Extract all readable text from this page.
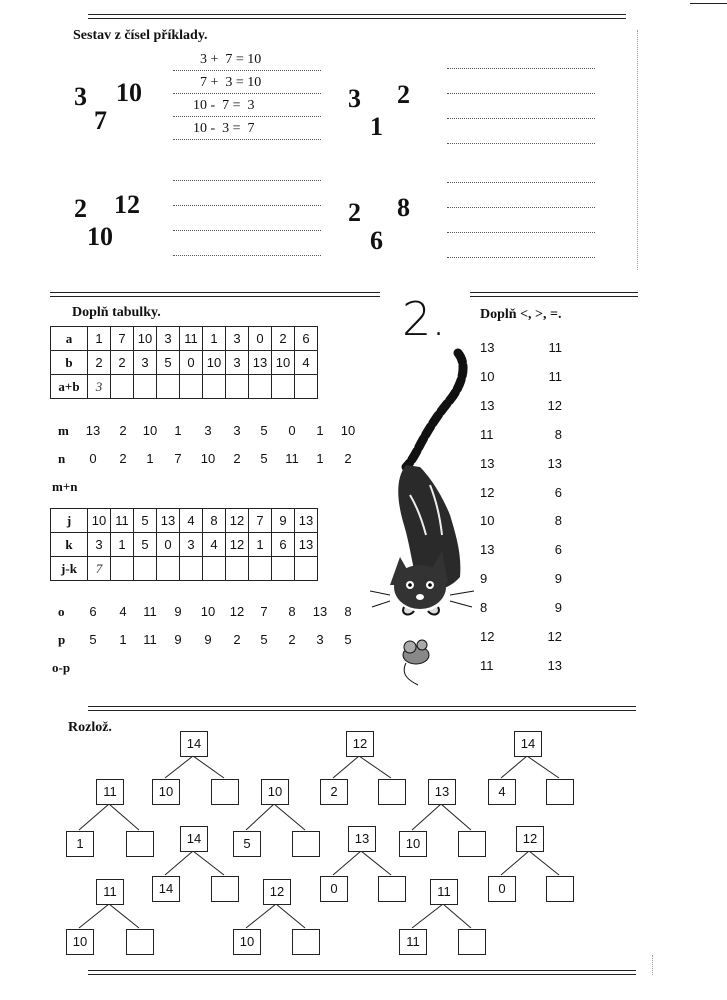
Sestav z čísel příklady.
3 10
7
3 +  7 = 10
7 +  3 = 10
10 -  7 =  3
10 -  3 =  7
3 2
1
2 12
10
2 8
6
Doplň tabulky.
a	1	7	10	3	11	1	3	0	2	6
b	2	2	3	5	0	10	3	13	10	4
a+b	3									
j	10	11	5	13	4	8	12	7	9	13
k	3	1	5	0	3	4	12	1	6	13
j-k	7									
2. Doplň <, >, =.
Rozlož.
m	13	2	10	1	3	3	5	0	1	10
n	0	2	1	7	10	2	5	11	1	2
m+n
o	6	4	11	9	10	12	7	8	13	8
p	5	1	11	9	9	2	5	2	3	5
o-p
13	11
10	11
13	12
11	8
13	13
12	6
10	8
13	6
9	9
8	9
12	12
11	13
14
10
12
2
14
4
14
14
13
0
12
0
11
1
10
5
13
10
11
10
12
10
11
11
